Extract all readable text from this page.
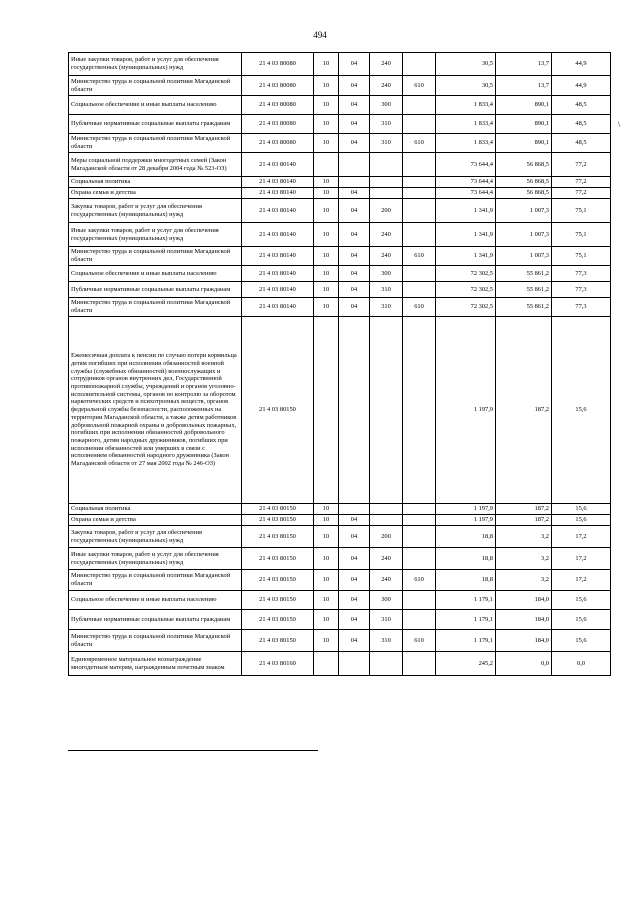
494
\
Иные закупки товаров, работ и услуг для обеспечения государственных (муниципальных) нужд	21 4 03 80080	10	04	240		30,5	13,7	44,9
Министерство труда и социальной политики Магаданской области	21 4 03 80080	10	04	240	610	30,5	13,7	44,9
Социальное обеспечение и иные выплаты населению	21 4 03 80080	10	04	300		1 833,4	890,1	48,5
Публичные нормативные социальные выплаты гражданам	21 4 03 80080	10	04	310		1 833,4	890,1	48,5
Министерство труда и социальной политики Магаданской области	21 4 03 80080	10	04	310	610	1 833,4	890,1	48,5
Меры социальной поддержки многодетных семей (Закон Магаданской области от 28 декабря 2004 года № 523-ОЗ)	21 4 03 80140					73 644,4	56 868,5	77,2
Социальная политика	21 4 03 80140	10				73 644,4	56 868,5	77,2
Охрана семьи и детства	21 4 03 80140	10	04			73 644,4	56 868,5	77,2
Закупка товаров, работ и услуг для обеспечения государственных (муниципальных) нужд	21 4 03 80140	10	04	200		1 341,9	1 007,3	75,1
Иные закупки товаров, работ и услуг для обеспечения государственных (муниципальных) нужд	21 4 03 80140	10	04	240		1 341,9	1 007,3	75,1
Министерство труда и социальной политики Магаданской области	21 4 03 80140	10	04	240	610	1 341,9	1 007,3	75,1
Социальное обеспечение и иные выплаты населению	21 4 03 80140	10	04	300		72 302,5	55 861,2	77,3
Публичные нормативные социальные выплаты гражданам	21 4 03 80140	10	04	310		72 302,5	55 861,2	77,3
Министерство труда и социальной политики Магаданской области	21 4 03 80140	10	04	310	610	72 302,5	55 861,2	77,3
Ежемесячная доплата к пенсии по случаю потери кормильца детям погибших при исполнении обязанностей военной службы (служебных обязанностей) военнослужащих и сотрудников органов внутренних дел, Государственной противопожарной службы, учреждений и органов уголовно-исполнительной системы, органов по контролю за оборотом наркотических средств и психотропных веществ, органов федеральной службы безопасности, расположенных на территории Магаданской области, а также детям работников добровольной пожарной охраны и добровольных пожарных, погибших при исполнении обязанностей добровольного пожарного, детям народных дружинников, погибших при исполнении обязанностей или умерших в связи с исполнением обязанностей народного дружинника (Закон Магаданской области от 27 мая 2002 года № 246-ОЗ)	21 4 03 80150					1 197,9	187,2	15,6
Социальная политика	21 4 03 80150	10				1 197,9	187,2	15,6
Охрана семьи и детства	21 4 03 80150	10	04			1 197,9	187,2	15,6
Закупка товаров, работ и услуг для обеспечения государственных (муниципальных) нужд	21 4 03 80150	10	04	200		18,8	3,2	17,2
Иные закупки товаров, работ и услуг для обеспечения государственных (муниципальных) нужд	21 4 03 80150	10	04	240		18,8	3,2	17,2
Министерство труда и социальной политики Магаданской области	21 4 03 80150	10	04	240	610	18,8	3,2	17,2
Социальное обеспечение и иные выплаты населению	21 4 03 80150	10	04	300		1 179,1	184,0	15,6
Публичные нормативные социальные выплаты гражданам	21 4 03 80150	10	04	310		1 179,1	184,0	15,6
Министерство труда и социальной политики Магаданской области	21 4 03 80150	10	04	310	610	1 179,1	184,0	15,6
Единовременное материальное вознаграждение многодетным матерям, награжденным почетным знаком	21 4 03 80160					245,2	0,0	0,0
